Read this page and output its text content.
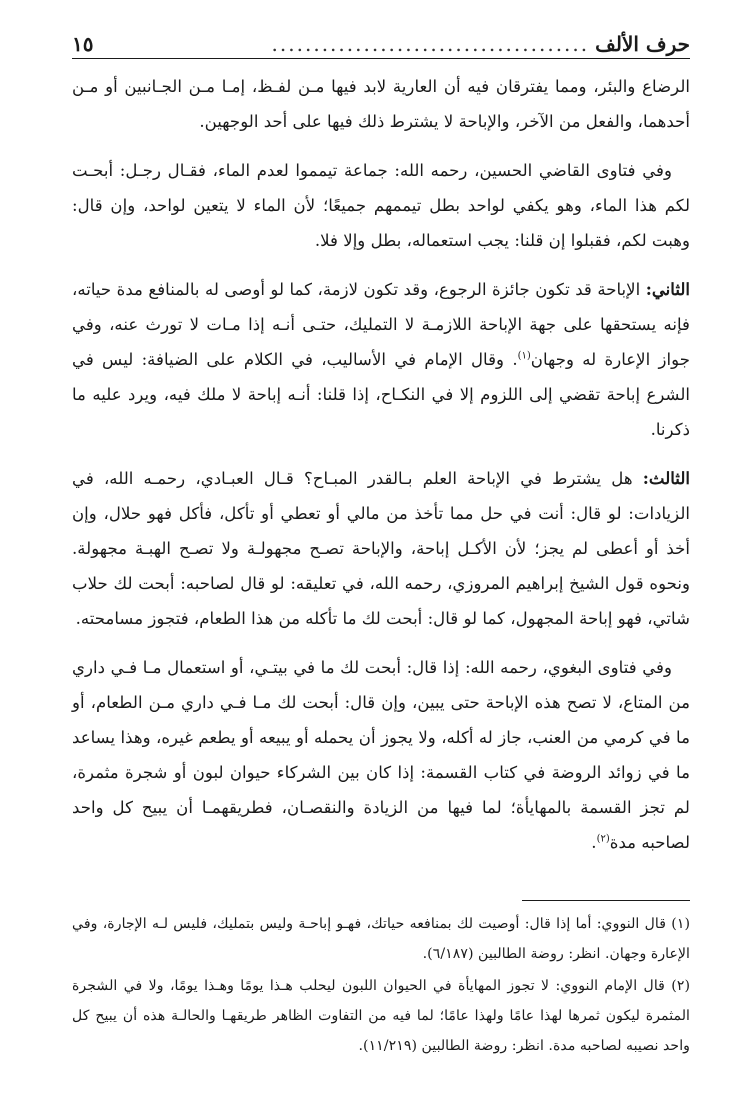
حرف الألف
......................................
١٥

الرضاع والبئر، ومما يفترقان فيه أن العارية لابد فيها مـن لفـظ، إمـا مـن الجـانبين أو مـن أحدهما، والفعل من الآخر، والإباحة لا يشترط ذلك فيها على أحد الوجهين.

وفي فتاوى القاضي الحسين، رحمه الله: جماعة تيمموا لعدم الماء، فقـال رجـل: أبحـت لكم هذا الماء، وهو يكفي لواحد بطل تيممهم جميعًا؛ لأن الماء لا يتعين لواحد، وإن قال: وهبت لكم، فقبلوا إن قلنا: يجب استعماله، بطل وإلا فلا.

الثاني: الإباحة قد تكون جائزة الرجوع، وقد تكون لازمة، كما لو أوصى له بالمنافع مدة حياته، فإنه يستحقها على جهة الإباحة اللازمـة لا التمليك، حتـى أنـه إذا مـات لا تورث عنه، وفي جواز الإعارة له وجهان$^{(١)}$. وقال الإمام في الأساليب، في الكلام على الضيافة: ليس في الشرع إباحة تقضي إلى اللزوم إلا في النكـاح، إذا قلنا: أنـه إباحة لا ملك فيه، ويرد عليه ما ذكرنا.

الثالث: هل يشترط في الإباحة العلم بـالقدر المبـاح؟ قـال العبـادي، رحمـه الله، في الزيادات: لو قال: أنت في حل مما تأخذ من مالي أو تعطي أو تأكل، فأكل فهو حلال، وإن أخذ أو أعطى لم يجز؛ لأن الأكـل إباحة، والإباحة تصـح مجهولـة ولا تصـح الهبـة مجهولة. ونحوه قول الشيخ إبراهيم المروزي، رحمه الله، في تعليقه: لو قال لصاحبه: أبحت لك حلاب شاتي، فهو إباحة المجهول، كما لو قال: أبحت لك ما تأكله من هذا الطعام، فتجوز مسامحته.

وفي فتاوى البغوي، رحمه الله: إذا قال: أبحت لك ما في بيتـي، أو استعمال مـا فـي داري من المتاع، لا تصح هذه الإباحة حتى يبين، وإن قال: أبحت لك مـا فـي داري مـن الطعام، أو ما في كرمي من العنب، جاز له أكله، ولا يجوز أن يحمله أو يبيعه أو يطعم غيره، وهذا يساعد ما في زوائد الروضة في كتاب القسمة: إذا كان بين الشركاء حيوان لبون أو شجرة مثمرة، لم تجز القسمة بالمهايأة؛ لما فيها من الزيادة والنقصـان، فطريقهمـا أن يبيح كل واحد لصاحبه مدة$^{(٢)}$.

(١) قال النووي: أما إذا قال: أوصيت لك بمنافعه حياتك، فهـو إباحـة وليس بتمليك، فليس لـه الإجارة، وفي الإعارة وجهان. انظر: روضة الطالبين (٦/١٨٧).

(٢) قال الإمام النووي: لا تجوز المهايأة في الحيوان اللبون ليحلب هـذا يومًا وهـذا يومًا، ولا في الشجرة المثمرة ليكون ثمرها لهذا عامًا ولهذا عامًا؛ لما فيه من التفاوت الظاهر طريقهـا والحالـة هذه أن يبيح كل واحد نصيبه لصاحبه مدة. انظر: روضة الطالبين (١١/٢١٩).
